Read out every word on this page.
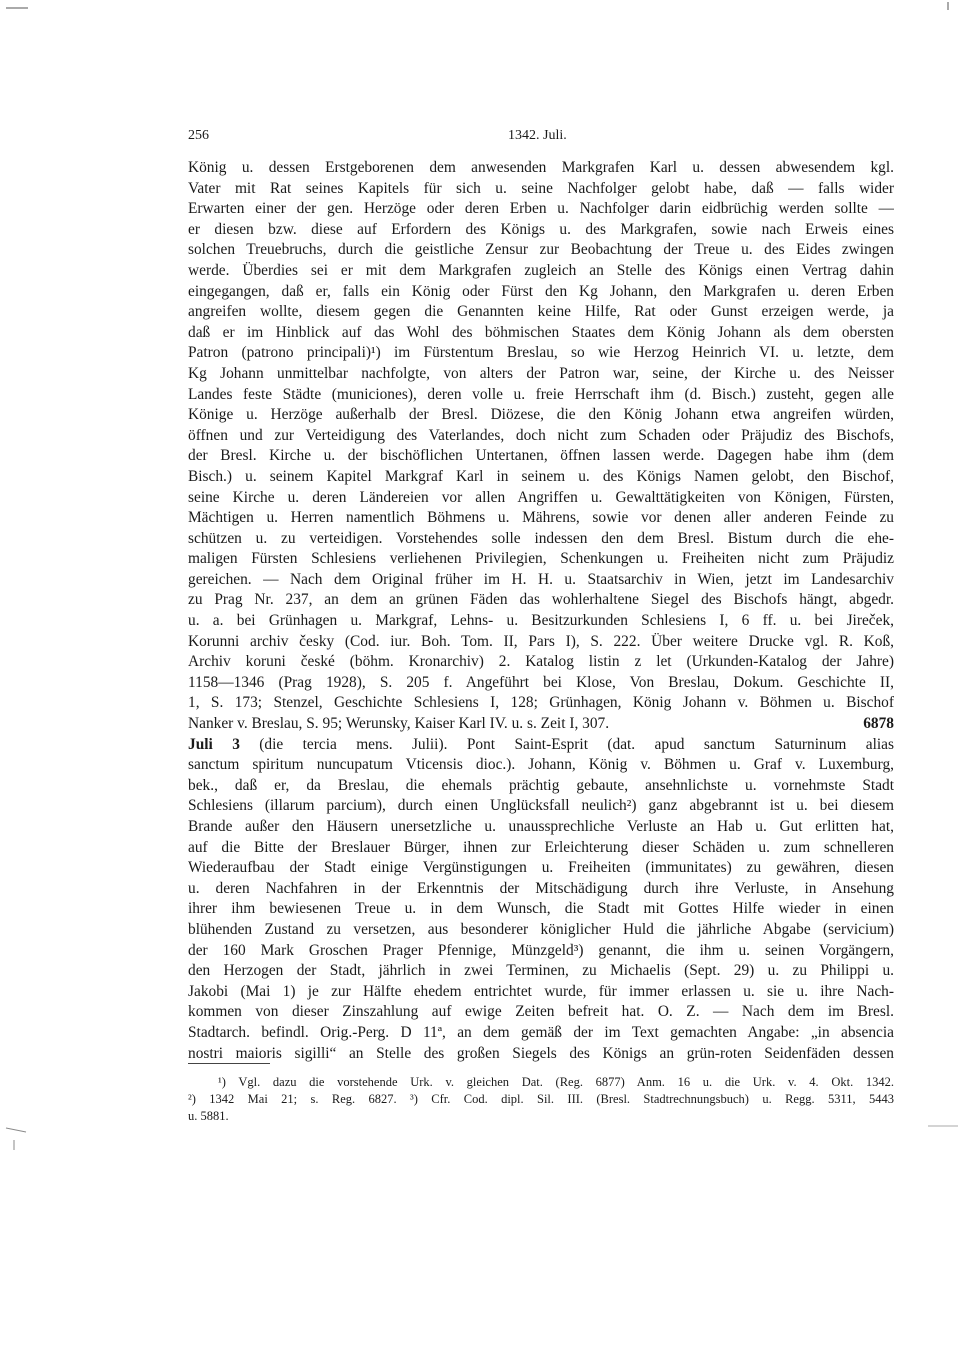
256	1342. Juli.
König u. dessen Erstgeborenen dem anwesenden Markgrafen Karl u. dessen abwesendem kgl.
Vater mit Rat seines Kapitels für sich u. seine Nachfolger gelobt habe, daß — falls wider
Erwarten einer der gen. Herzöge oder deren Erben u. Nachfolger darin eidbrüchig werden sollte —
er diesen bzw. diese auf Erfordern des Königs u. des Markgrafen, sowie nach Erweis eines
solchen Treuebruchs, durch die geistliche Zensur zur Beobachtung der Treue u. des Eides zwingen
werde. Überdies sei er mit dem Markgrafen zugleich an Stelle des Königs einen Vertrag dahin
eingegangen, daß er, falls ein König oder Fürst den Kg Johann, den Markgrafen u. deren Erben
angreifen wollte, diesem gegen die Genannten keine Hilfe, Rat oder Gunst erzeigen werde, ja
daß er im Hinblick auf das Wohl des böhmischen Staates dem König Johann als dem obersten
Patron (patrono principali)¹) im Fürstentum Breslau, so wie Herzog Heinrich VI. u. letzte, dem
Kg Johann unmittelbar nachfolgte, von alters der Patron war, seine, der Kirche u. des Neisser
Landes feste Städte (municiones), deren volle u. freie Herrschaft ihm (d. Bisch.) zusteht, gegen alle
Könige u. Herzöge außerhalb der Bresl. Diözese, die den König Johann etwa angreifen würden,
öffnen und zur Verteidigung des Vaterlandes, doch nicht zum Schaden oder Präjudiz des Bischofs,
der Bresl. Kirche u. der bischöflichen Untertanen, öffnen lassen werde. Dagegen habe ihm (dem
Bisch.) u. seinem Kapitel Markgraf Karl in seinem u. des Königs Namen gelobt, den Bischof,
seine Kirche u. deren Ländereien vor allen Angriffen u. Gewalttätigkeiten von Königen, Fürsten,
Mächtigen u. Herren namentlich Böhmens u. Mährens, sowie vor denen aller anderen Feinde zu
schützen u. zu verteidigen. Vorstehendes solle indessen den dem Bresl. Bistum durch die ehe-
maligen Fürsten Schlesiens verliehenen Privilegien, Schenkungen u. Freiheiten nicht zum Präjudiz
gereichen. — Nach dem Original früher im H. H. u. Staatsarchiv in Wien, jetzt im Landesarchiv
zu Prag Nr. 237, an dem an grünen Fäden das wohlerhaltene Siegel des Bischofs hängt, abgedr.
u. a. bei Grünhagen u. Markgraf, Lehns- u. Besitzurkunden Schlesiens I, 6 ff. u. bei Jireček,
Korunni archiv česky (Cod. iur. Boh. Tom. II, Pars I), S. 222. Über weitere Drucke vgl. R. Koß,
Archiv koruni české (böhm. Kronarchiv) 2. Katalog listin z let (Urkunden-Katalog der Jahre)
1158—1346 (Prag 1928), S. 205 f. Angeführt bei Klose, Von Breslau, Dokum. Geschichte II,
1, S. 173; Stenzel, Geschichte Schlesiens I, 128; Grünhagen, König Johann v. Böhmen u. Bischof
Nanker v. Breslau, S. 95; Werunsky, Kaiser Karl IV. u. s. Zeit I, 307.	6878
Juli 3 (die tercia mens. Julii). Pont Saint-Esprit (dat. apud sanctum Saturninum alias
sanctum spiritum nuncupatum Vticensis dioc.). Johann, König v. Böhmen u. Graf v. Luxemburg,
bek., daß er, da Breslau, die ehemals prächtig gebaute, ansehnlichste u. vornehmste Stadt
Schlesiens (illarum parcium), durch einen Unglücksfall neulich²) ganz abgebrannt ist u. bei diesem
Brande außer den Häusern unersetzliche u. unaussprechliche Verluste an Hab u. Gut erlitten hat,
auf die Bitte der Breslauer Bürger, ihnen zur Erleichterung dieser Schäden u. zum schnelleren
Wiederaufbau der Stadt einige Vergünstigungen u. Freiheiten (immunitates) zu gewähren, diesen
u. deren Nachfahren in der Erkenntnis der Mitschädigung durch ihre Verluste, in Ansehung
ihrer ihm bewiesenen Treue u. in dem Wunsch, die Stadt mit Gottes Hilfe wieder in einen
blühenden Zustand zu versetzen, aus besonderer königlicher Huld die jährliche Abgabe (servicium)
der 160 Mark Groschen Prager Pfennige, Münzgeld³) genannt, die ihm u. seinen Vorgängern,
den Herzogen der Stadt, jährlich in zwei Terminen, zu Michaelis (Sept. 29) u. zu Philippi u.
Jakobi (Mai 1) je zur Hälfte ehedem entrichtet wurde, für immer erlassen u. sie u. ihre Nach-
kommen von dieser Zinszahlung auf ewige Zeiten befreit hat. O. Z. — Nach dem im Bresl.
Stadtarch. befindl. Orig.-Perg. D 11ª, an dem gemäß der im Text gemachten Angabe: „in absencia
nostri maioris sigilli“ an Stelle des großen Siegels des Königs an grün-roten Seidenfäden dessen
¹) Vgl. dazu die vorstehende Urk. v. gleichen Dat. (Reg. 6877) Anm. 16 u. die Urk. v. 4. Okt. 1342.
²) 1342 Mai 21; s. Reg. 6827. ³) Cfr. Cod. dipl. Sil. III. (Bresl. Stadtrechnungsbuch) u. Regg. 5311, 5443
u. 5881.
